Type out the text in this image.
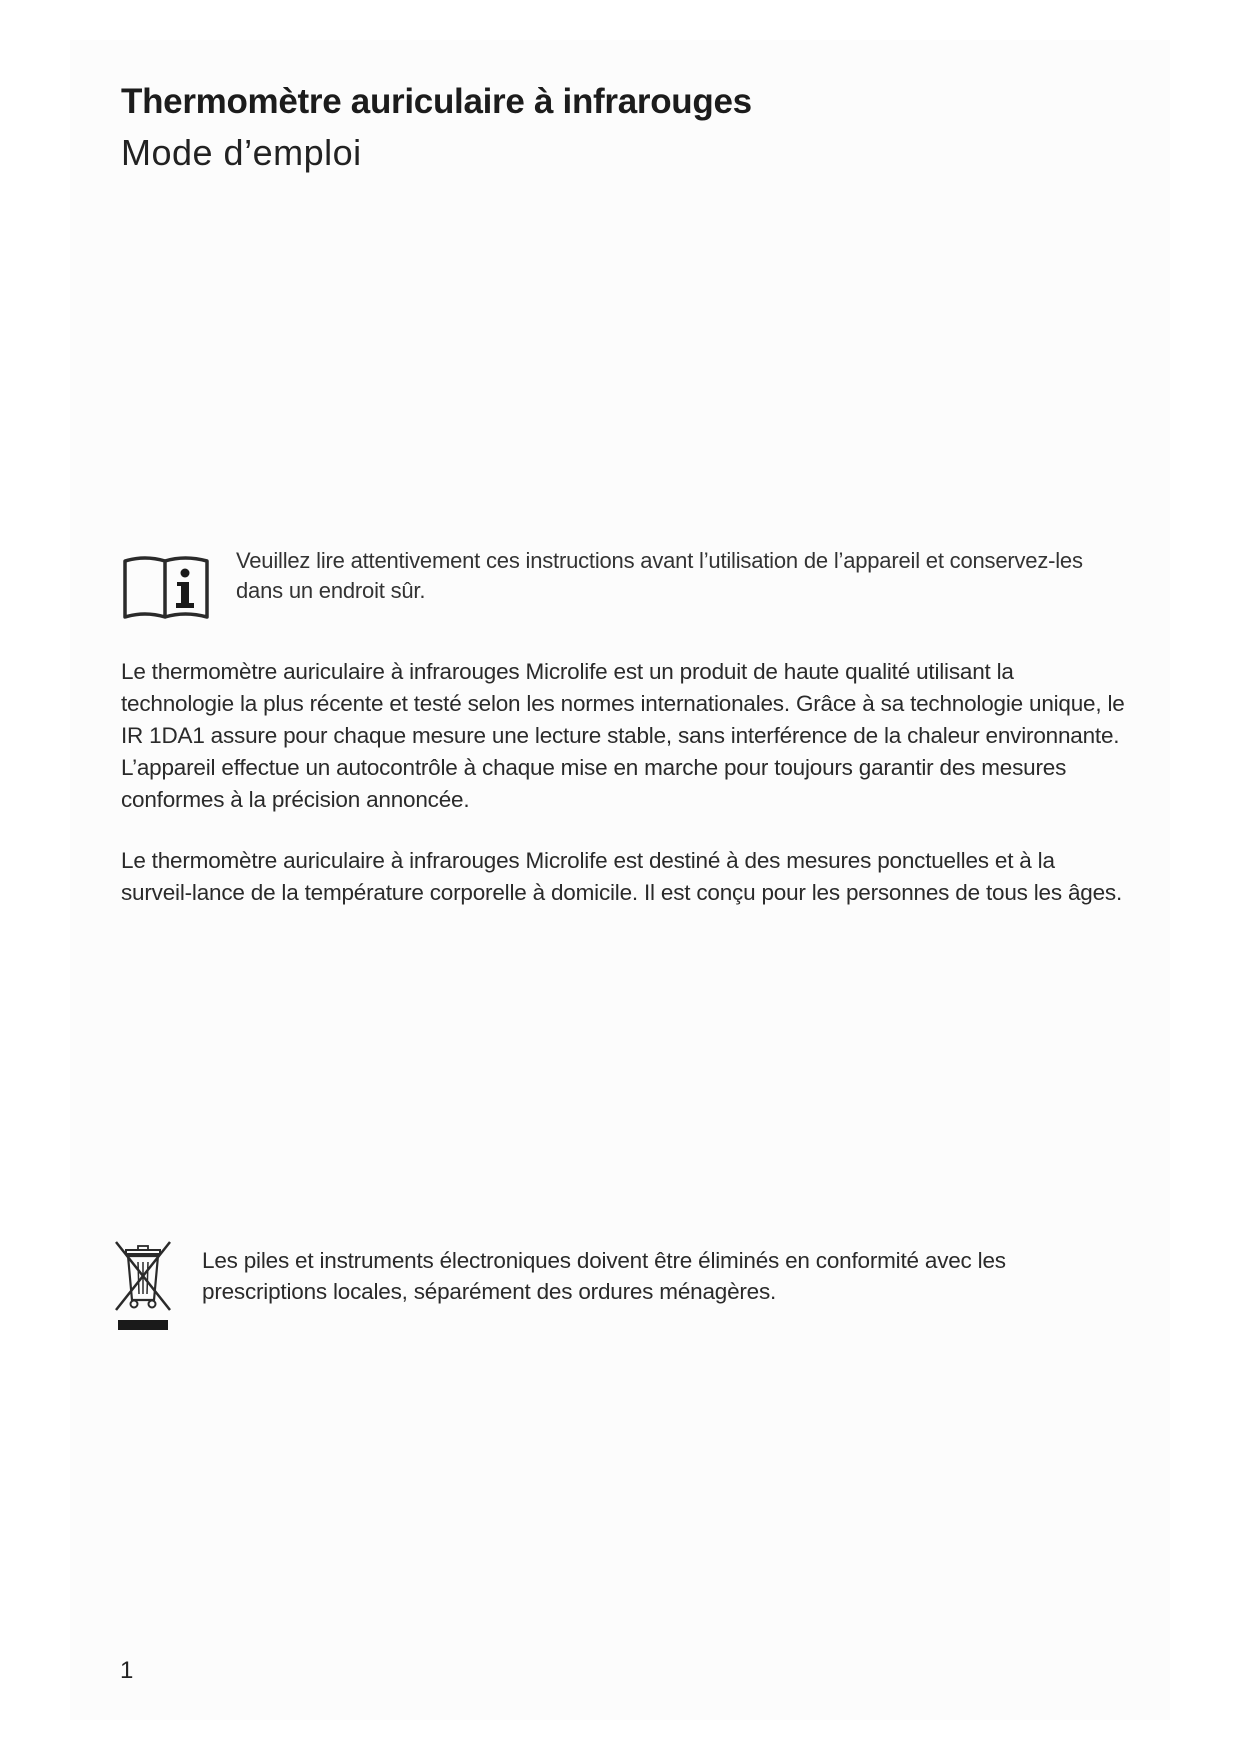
Thermomètre auriculaire à infrarouges
Mode d’emploi

Veuillez lire attentivement ces instructions avant l’utilisation de l’appareil et conservez-les dans un endroit sûr.

Le thermomètre auriculaire à infrarouges Microlife est un produit de haute qualité utilisant la technologie la plus récente et testé selon les normes internationales. Grâce à sa technologie unique, le IR 1DA1 assure pour chaque mesure une lecture stable, sans interférence de la chaleur environnante. L’appareil effectue un autocontrôle à chaque mise en marche pour toujours garantir des mesures conformes à la précision annoncée.

Le thermomètre auriculaire à infrarouges Microlife est destiné à des mesures ponctuelles et à la surveil-lance de la température corporelle à domicile. Il est conçu pour les personnes de tous les âges.

Les piles et instruments électroniques doivent être éliminés en conformité avec les prescriptions locales, séparément des ordures ménagères.

1
